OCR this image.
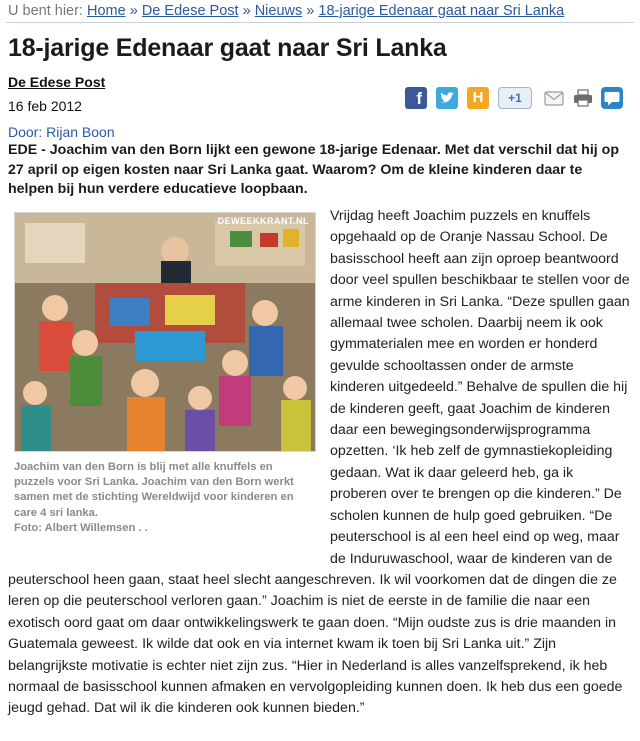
U bent hier: Home » De Edese Post » Nieuws » 18-jarige Edenaar gaat naar Sri Lanka
18-jarige Edenaar gaat naar Sri Lanka
De Edese Post
16 feb 2012
Door: Rijan Boon
f	H	+1

EDE - Joachim van den Born lijkt een gewone 18-jarige Edenaar. Met dat verschil dat hij op 27 april op eigen kosten naar Sri Lanka gaat. Waarom? Om de kleine kinderen daar te helpen bij hun verdere educatieve loopbaan.

DEWEEKKRANT.NL

Joachim van den Born is blij met alle knuffels en puzzels voor Sri Lanka. Joachim van den Born werkt samen met de stichting Wereldwijd voor kinderen en care 4 sri lanka.
Foto: Albert Willemsen . .

Vrijdag heeft Joachim puzzels en knuffels opgehaald op de Oranje Nassau School. De basisschool heeft aan zijn oproep beantwoord door veel spullen beschikbaar te stellen voor de arme kinderen in Sri Lanka. “Deze spullen gaan allemaal twee scholen. Daarbij neem ik ook gymmaterialen mee en worden er honderd gevulde schooltassen onder de armste kinderen uitgedeeld.” Behalve de spullen die hij de kinderen geeft, gaat Joachim de kinderen daar een bewegingsonderwijsprogramma opzetten. ‘Ik heb zelf de gymnastiekopleiding gedaan. Wat ik daar geleerd heb, ga ik proberen over te brengen op die kinderen.” De scholen kunnen de hulp goed gebruiken. “De peuterschool is al een heel eind op weg, maar de Induruwaschool, waar de kinderen van de peuterschool heen gaan, staat heel slecht aangeschreven. Ik wil voorkomen dat de dingen die ze leren op die peuterschool verloren gaan.” Joachim is niet de eerste in de familie die naar een exotisch oord gaat om daar ontwikkelingswerk te gaan doen. “Mijn oudste zus is drie maanden in Guatemala geweest. Ik wilde dat ook en via internet kwam ik toen bij Sri Lanka uit.” Zijn belangrijkste motivatie is echter niet zijn zus. “Hier in Nederland is alles vanzelfsprekend, ik heb normaal de basisschool kunnen afmaken en vervolgopleiding kunnen doen. Ik heb dus een goede jeugd gehad. Dat wil ik die kinderen ook kunnen bieden.”
